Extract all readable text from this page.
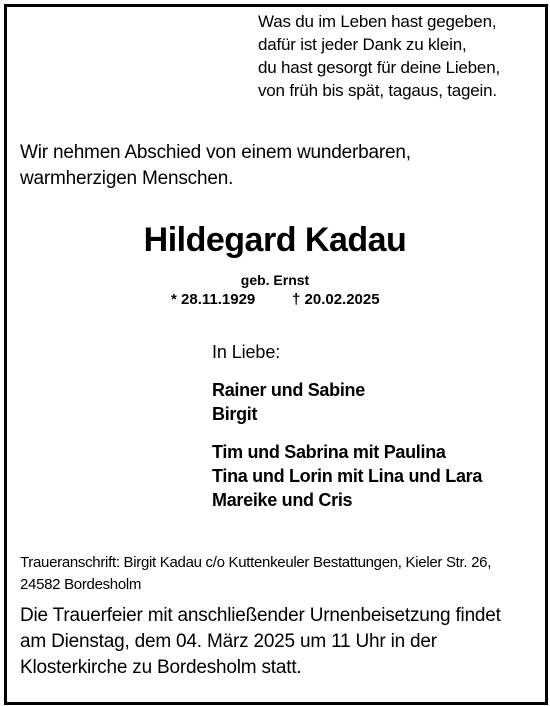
Was du im Leben hast gegeben,
dafür ist jeder Dank zu klein,
du hast gesorgt für deine Lieben,
von früh bis spät, tagaus, tagein.
Wir nehmen Abschied von einem wunderbaren,
warmherzigen Menschen.
Hildegard Kadau
geb. Ernst
* 28.11.1929 † 20.02.2025
In Liebe:
Rainer und Sabine
Birgit
Tim und Sabrina mit Paulina
Tina und Lorin mit Lina und Lara
Mareike und Cris
Traueranschrift: Birgit Kadau c/o Kuttenkeuler Bestattungen, Kieler Str. 26, 24582 Bordesholm
Die Trauerfeier mit anschließender Urnenbeisetzung findet
am Dienstag, dem 04. März 2025 um 11 Uhr in der
Klosterkirche zu Bordesholm statt.
